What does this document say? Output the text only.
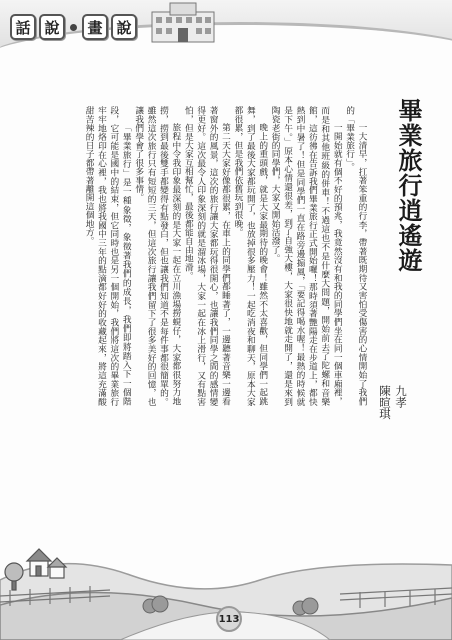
話 說	畫 說
畢業旅行逍遙遊
九孝
陳暄琪

一大清早，扛著笨重的行李，帶著既期待又害怕受傷害的心情開始了我們的「畢業旅行」。

一開始就有個不好的預兆，我竟然沒有和我的同學們坐在同一個車廂裡，而是和其他班級的併車！不過這也不是什麼大問題，開始前去了陀螺和音樂館，這彷彿在告訴我們畢業旅行正式開始囉！那時須著艷陽走在步道上，都快熱到中暑了！但是同學們一直在路旁邊搧風，「要記得喝水喔！最熱的時候就是下午。」原本心情還很差，到了自強大樓，大家很快地就走開了，還是來到陶瓷老街的同學們，大家又開始活潑了。

晚上的重頭戲，就是大家最期待的晚會！雖然不太喜歡，但同學們一起跳舞，到了最後大家都玩開了，也放掉很多壓力！一起吃消夜和聊天，原本大家都很累，但是我們依舊玩到很晚。

第二天大家好像都很累，在車上的同學們都睡著了，一邊聽著音樂一邊看著窗外的風景，這次的旅行讓大家都玩得很開心，也讓我們同學之間的感情變得更好。這次最令人印象深刻的就是溜冰場，大家一起在冰上滑行，又有點害怕，但是大家互相幫忙，最後都能自由地滑。

旅程中令我印象最深刻的是大家一起在立川漁場撈蜆仔，大家都很努力地撈，撈到最後雙手都變得有點發白，但也讓我們知道不是每件事都很簡單的。雖然這次旅行只有短短的三天，但這次旅行讓我們留下了很多美好的回憶，也讓我們學會了很多事情。

「畢業旅行」是一種象徵，象徵著我們的成長，我們即將踏入下一個階段，它可能是國中的結束，但它同時也是另一個開始，我們將這次的畢業旅行牢牢地烙印在心裡，我也將我國中三年的點滴都好好的收藏起來，將這充滿酸甜苦辣的日子都帶著離開這個地方。

113
